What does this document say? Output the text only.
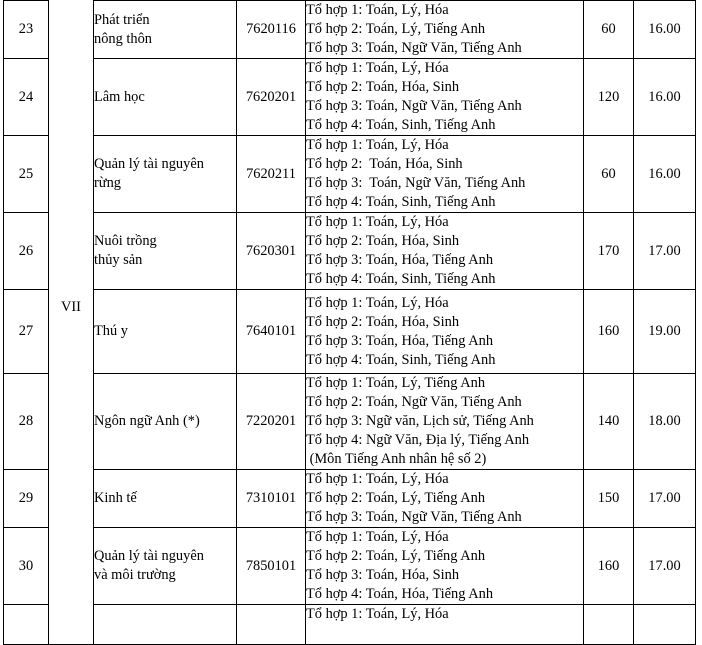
	VII			

23		Phát triển
nông thôn	7620116	Tổ hợp 1: Toán, Lý, Hóa
Tổ hợp 2: Toán, Lý, Tiếng Anh
Tổ hợp 3: Toán, Ngữ Văn, Tiếng Anh	60	16.00
24		Lâm học	7620201	Tổ hợp 1: Toán, Lý, Hóa
Tổ hợp 2: Toán, Hóa, Sinh
Tổ hợp 3: Toán, Ngữ Văn, Tiếng Anh
Tổ hợp 4: Toán, Sinh, Tiếng Anh	120	16.00
25		Quản lý tài nguyên
rừng	7620211	Tổ hợp 1: Toán, Lý, Hóa
Tổ hợp 2:  Toán, Hóa, Sinh
Tổ hợp 3:  Toán, Ngữ Văn, Tiếng Anh
Tổ hợp 4: Toán, Sinh, Tiếng Anh	60	16.00
26		Nuôi trồng
thủy sản	7620301	Tổ hợp 1: Toán, Lý, Hóa
Tổ hợp 2: Toán, Hóa, Sinh
Tổ hợp 3: Toán, Hóa, Tiếng Anh
Tổ hợp 4: Toán, Sinh, Tiếng Anh	170	17.00
27		Thú y	7640101	Tổ hợp 1: Toán, Lý, Hóa
Tổ hợp 2: Toán, Hóa, Sinh
Tổ hợp 3: Toán, Hóa, Tiếng Anh
Tổ hợp 4: Toán, Sinh, Tiếng Anh	160	19.00
28		Ngôn ngữ Anh (*)	7220201	Tổ hợp 1: Toán, Lý, Tiếng Anh
Tổ hợp 2: Toán, Ngữ Văn, Tiếng Anh
Tổ hợp 3: Ngữ văn, Lịch sử, Tiếng Anh
Tổ hợp 4: Ngữ Văn, Địa lý, Tiếng Anh
(Môn Tiếng Anh nhân hệ số 2)	140	18.00
29		Kinh tế	7310101	Tổ hợp 1: Toán, Lý, Hóa
Tổ hợp 2: Toán, Lý, Tiếng Anh
Tổ hợp 3: Toán, Ngữ Văn, Tiếng Anh	150	17.00
30		Quản lý tài nguyên
và môi trường	7850101	Tổ hợp 1: Toán, Lý, Hóa
Tổ hợp 2: Toán, Lý, Tiếng Anh
Tổ hợp 3: Toán, Hóa, Sinh
Tổ hợp 4: Toán, Hóa, Tiếng Anh	160	17.00

				Tổ hợp 1: Toán, Lý, Hóa		
